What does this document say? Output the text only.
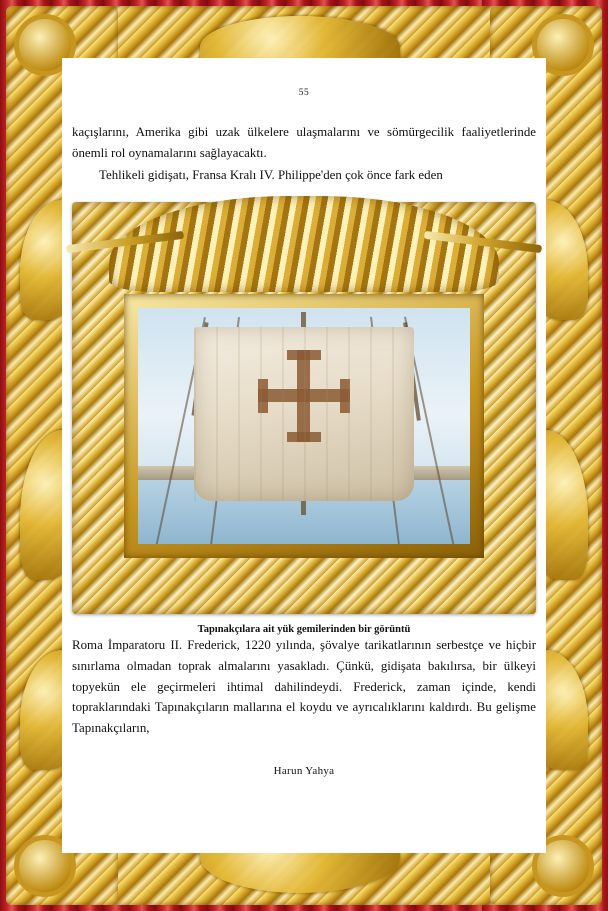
55

kaçışlarını, Amerika gibi uzak ülkelere ulaşmalarını ve sömürgecilik faaliyetlerinde önemli rol oynamalarını sağlayacaktı.

Tehlikeli gidişatı, Fransa Kralı IV. Philippe'den çok önce fark eden

Tapınakçılara ait yük gemilerinden bir görüntü

Roma İmparatoru II. Frederick, 1220 yılında, şövalye tarikatlarının serbestçe ve hiçbir sınırlama olmadan toprak almalarını yasakladı. Çünkü, gidişata bakılırsa, bir ülkeyi topyekün ele geçirmeleri ihtimal dahilindeydi. Frederick, zaman içinde, kendi topraklarındaki Tapınakçıların mallarına el koydu ve ayrıcalıklarını kaldırdı. Bu gelişme Tapınakçıların,

Harun Yahya
